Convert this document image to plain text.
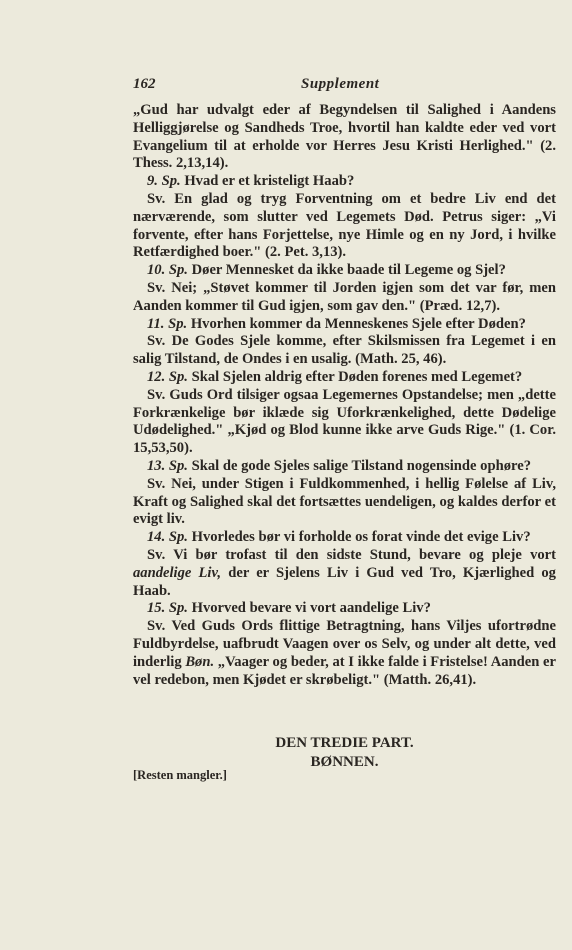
162	Supplement

„Gud har udvalgt eder af Begyndelsen til Salighed i Aandens Helliggjørelse og Sandheds Troe, hvortil han kaldte eder ved vort Evangelium til at erholde vor Herres Jesu Kristi Herlighed." (2. Thess. 2,13,14).

9. Sp. Hvad er et kristeligt Haab?

Sv. En glad og tryg Forventning om et bedre Liv end det nærværende, som slutter ved Legemets Død. Petrus siger: „Vi forvente, efter hans Forjettelse, nye Himle og en ny Jord, i hvilke Retfærdighed boer." (2. Pet. 3,13).

10. Sp. Døer Mennesket da ikke baade til Legeme og Sjel?

Sv. Nei; „Støvet kommer til Jorden igjen som det var før, men Aanden kommer til Gud igjen, som gav den." (Præd. 12,7).

11. Sp. Hvorhen kommer da Menneskenes Sjele efter Døden?

Sv. De Godes Sjele komme, efter Skilsmissen fra Legemet i en salig Tilstand, de Ondes i en usalig. (Math. 25, 46).

12. Sp. Skal Sjelen aldrig efter Døden forenes med Legemet?

Sv. Guds Ord tilsiger ogsaa Legemernes Opstandelse; men „dette Forkrænkelige bør iklæde sig Uforkrænkelighed, dette Dødelige Udødelighed." „Kjød og Blod kunne ikke arve Guds Rige." (1. Cor. 15,53,50).

13. Sp. Skal de gode Sjeles salige Tilstand nogensinde ophøre?

Sv. Nei, under Stigen i Fuldkommenhed, i hellig Følelse af Liv, Kraft og Salighed skal det fortsættes uendeligen, og kaldes derfor et evigt liv.

14. Sp. Hvorledes bør vi forholde os forat vinde det evige Liv?

Sv. Vi bør trofast til den sidste Stund, bevare og pleje vort aandelige Liv, der er Sjelens Liv i Gud ved Tro, Kjærlighed og Haab.

15. Sp. Hvorved bevare vi vort aandelige Liv?

Sv. Ved Guds Ords flittige Betragtning, hans Viljes ufortrødne Fuldbyrdelse, uafbrudt Vaagen over os Selv, og under alt dette, ved inderlig Bøn. „Vaager og beder, at I ikke falde i Fristelse! Aanden er vel redebon, men Kjødet er skrøbeligt." (Matth. 26,41).

DEN TREDIE PART.

BØNNEN.

[Resten mangler.]
